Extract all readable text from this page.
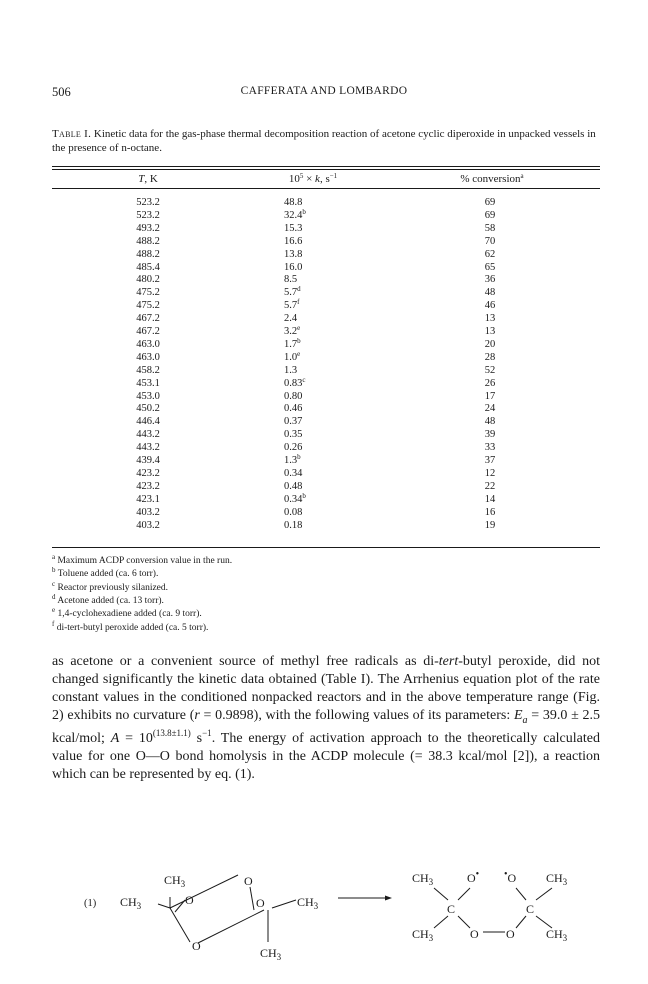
506	CAFFERATA AND LOMBARDO
Table I. Kinetic data for the gas-phase thermal decomposition reaction of acetone cyclic diperoxide in unpacked vessels in the presence of n-octane.
T, K	$10^5 \times k$, $s^{-1}$	% conversion$^a$
523.2	48.8	69
523.2	32.4$^b$	69
493.2	15.3	58
488.2	16.6	70
488.2	13.8	62
485.4	16.0	65
480.2	8.5	36
475.2	5.7$^d$	48
475.2	5.7$^f$	46
467.2	2.4	13
467.2	3.2e	13
463.0	1.7$^b$	20
463.0	1.0e	28
458.2	1.3	52
453.1	0.83$^c$	26
453.0	0.80	17
450.2	0.46	24
446.4	0.37	48
443.2	0.35	39
443.2	0.26	33
439.4	1.3$^b$	37
423.2	0.34	12
423.2	0.48	22
423.1	0.34$^b$	14
403.2	0.08	16
403.2	0.18	19
$^a$ Maximum ACDP conversion value in the run.
$^b$ Toluene added (ca. 6 torr).
$^c$ Reactor previously silanized.
$^d$ Acetone added (ca. 13 torr).
$^e$ 1,4-cyclohexadiene added (ca. 9 torr).
$^f$ di-tert-butyl peroxide added (ca. 5 torr).
as acetone or a convenient source of methyl free radicals as di-tert-butyl peroxide, did not changed significantly the kinetic data obtained (Table I). The Arrhenius equation plot of the rate constant values in the conditioned nonpacked reactors and in the above temperature range (Fig. 2) exhibits no curvature (r = 0.9898), with the following values of its parameters: $E_a = 39.0 \pm 2.5$ kcal/mol; $A = 10^{(13.8\pm 1.1)}$ $s^{-1}$. The energy of activation approach to the theoretically calculated value for one O—O bond homolysis in the ACDP molecule (= 38.3 kcal/mol [2]), a reaction which can be represented by eq. (1).
(1)
$CH_3$	O
$CH_3$	O	O	$CH_3$
O	$CH_3$
$CH_3$	O• •O $CH_3$
C	C
$CH_3$	O O	$CH_3$
